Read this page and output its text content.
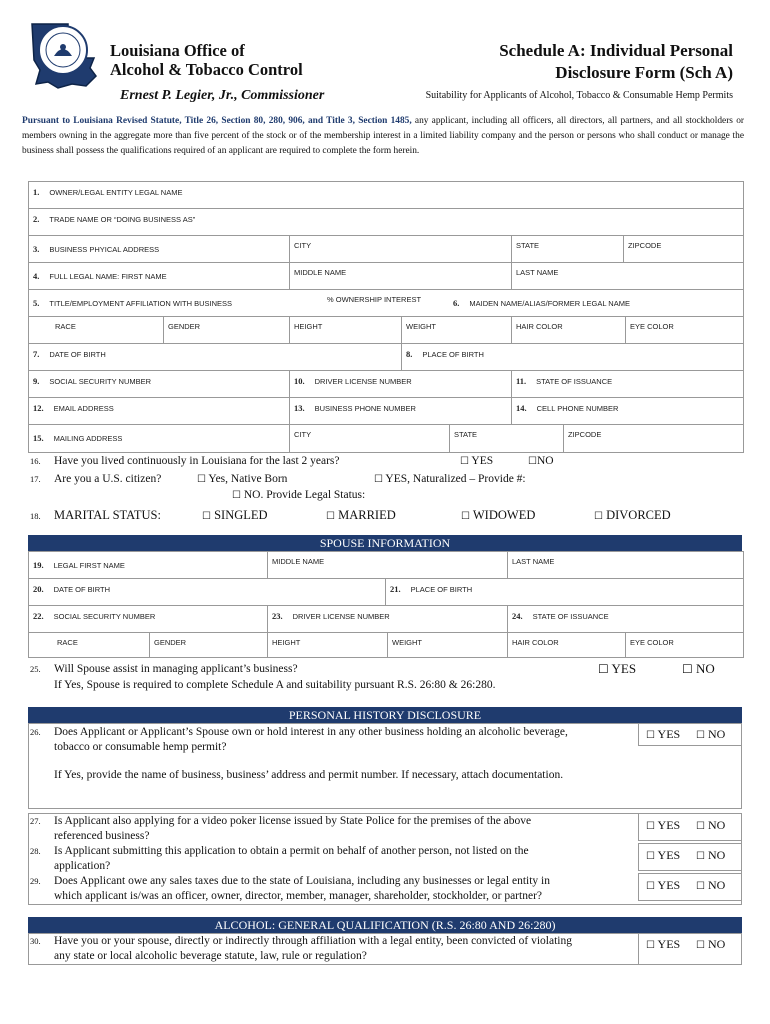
Louisiana Office of
Alcohol & Tobacco Control
Ernest P. Legier, Jr., Commissioner
Schedule A: Individual Personal
Disclosure Form (Sch A)
Suitability for Applicants of Alcohol, Tobacco & Consumable Hemp Permits
Pursuant to Louisiana Revised Statute, Title 26, Section 80, 280, 906, and Title 3, Section 1485, any applicant, including all officers, all directors, all partners, and all stockholders or members owning in the aggregate more than five percent of the stock or of the membership interest in a limited liability company and the person or persons who shall conduct or manage the business shall possess the qualifications required of an applicant are required to complete the form herein.
1. OWNER/LEGAL ENTITY LEGAL NAME
2. TRADE NAME OR “DOING BUSINESS AS”
3. BUSINESS PHYICAL ADDRESS	CITY	STATE	ZIPCODE
4. FULL LEGAL NAME: FIRST NAME	MIDDLE NAME	LAST NAME
5. TITLE/EMPLOYMENT AFFILIATION WITH BUSINESS	% OWNERSHIP INTEREST	6. MAIDEN NAME/ALIAS/FORMER LEGAL NAME
RACE	GENDER	HEIGHT	WEIGHT	HAIR COLOR	EYE COLOR
7. DATE OF BIRTH	8. PLACE OF BIRTH
9. SOCIAL SECURITY NUMBER	10. DRIVER LICENSE NUMBER	11. STATE OF ISSUANCE
12. EMAIL ADDRESS	13. BUSINESS PHONE NUMBER	14. CELL PHONE NUMBER
15. MAILING ADDRESS	CITY	STATE	ZIPCODE
16. Have you lived continuously in Louisiana for the last 2 years?	☐ YES	☐NO
17. Are you a U.S. citizen?	☐ Yes, Native Born	☐ YES, Naturalized – Provide #:
☐ NO. Provide Legal Status:
18. MARITAL STATUS:	☐ SINGLED	☐ MARRIED	☐ WIDOWED	☐ DIVORCED
SPOUSE INFORMATION
19. LEGAL FIRST NAME	MIDDLE NAME	LAST NAME
20. DATE OF BIRTH	21. PLACE OF BIRTH
22. SOCIAL SECURITY NUMBER	23. DRIVER LICENSE NUMBER	24. STATE OF ISSUANCE
RACE	GENDER	HEIGHT	WEIGHT	HAIR COLOR	EYE COLOR
25. Will Spouse assist in managing applicant’s business?
If Yes, Spouse is required to complete Schedule A and suitability pursuant R.S. 26:80 & 26:280.
☐ YES	☐ NO
PERSONAL HISTORY DISCLOSURE
26. Does Applicant or Applicant’s Spouse own or hold interest in any other business holding an alcoholic beverage,
tobacco or consumable hemp permit?
If Yes, provide the name of business, business’ address and permit number. If necessary, attach documentation.
☐ YES ☐ NO
27. Is Applicant also applying for a video poker license issued by State Police for the premises of the above
referenced business?
☐ YES ☐ NO
28. Is Applicant submitting this application to obtain a permit on behalf of another person, not listed on the
application?
☐ YES ☐ NO
29. Does Applicant owe any sales taxes due to the state of Louisiana, including any businesses or legal entity in
which applicant is/was an officer, owner, director, member, manager, shareholder, stockholder, or partner?
☐ YES ☐ NO
ALCOHOL: GENERAL QUALIFICATION (R.S. 26:80 AND 26:280)
30. Have you or your spouse, directly or indirectly through affiliation with a legal entity, been convicted of violating
any state or local alcoholic beverage statute, law, rule or regulation?
☐ YES ☐ NO
